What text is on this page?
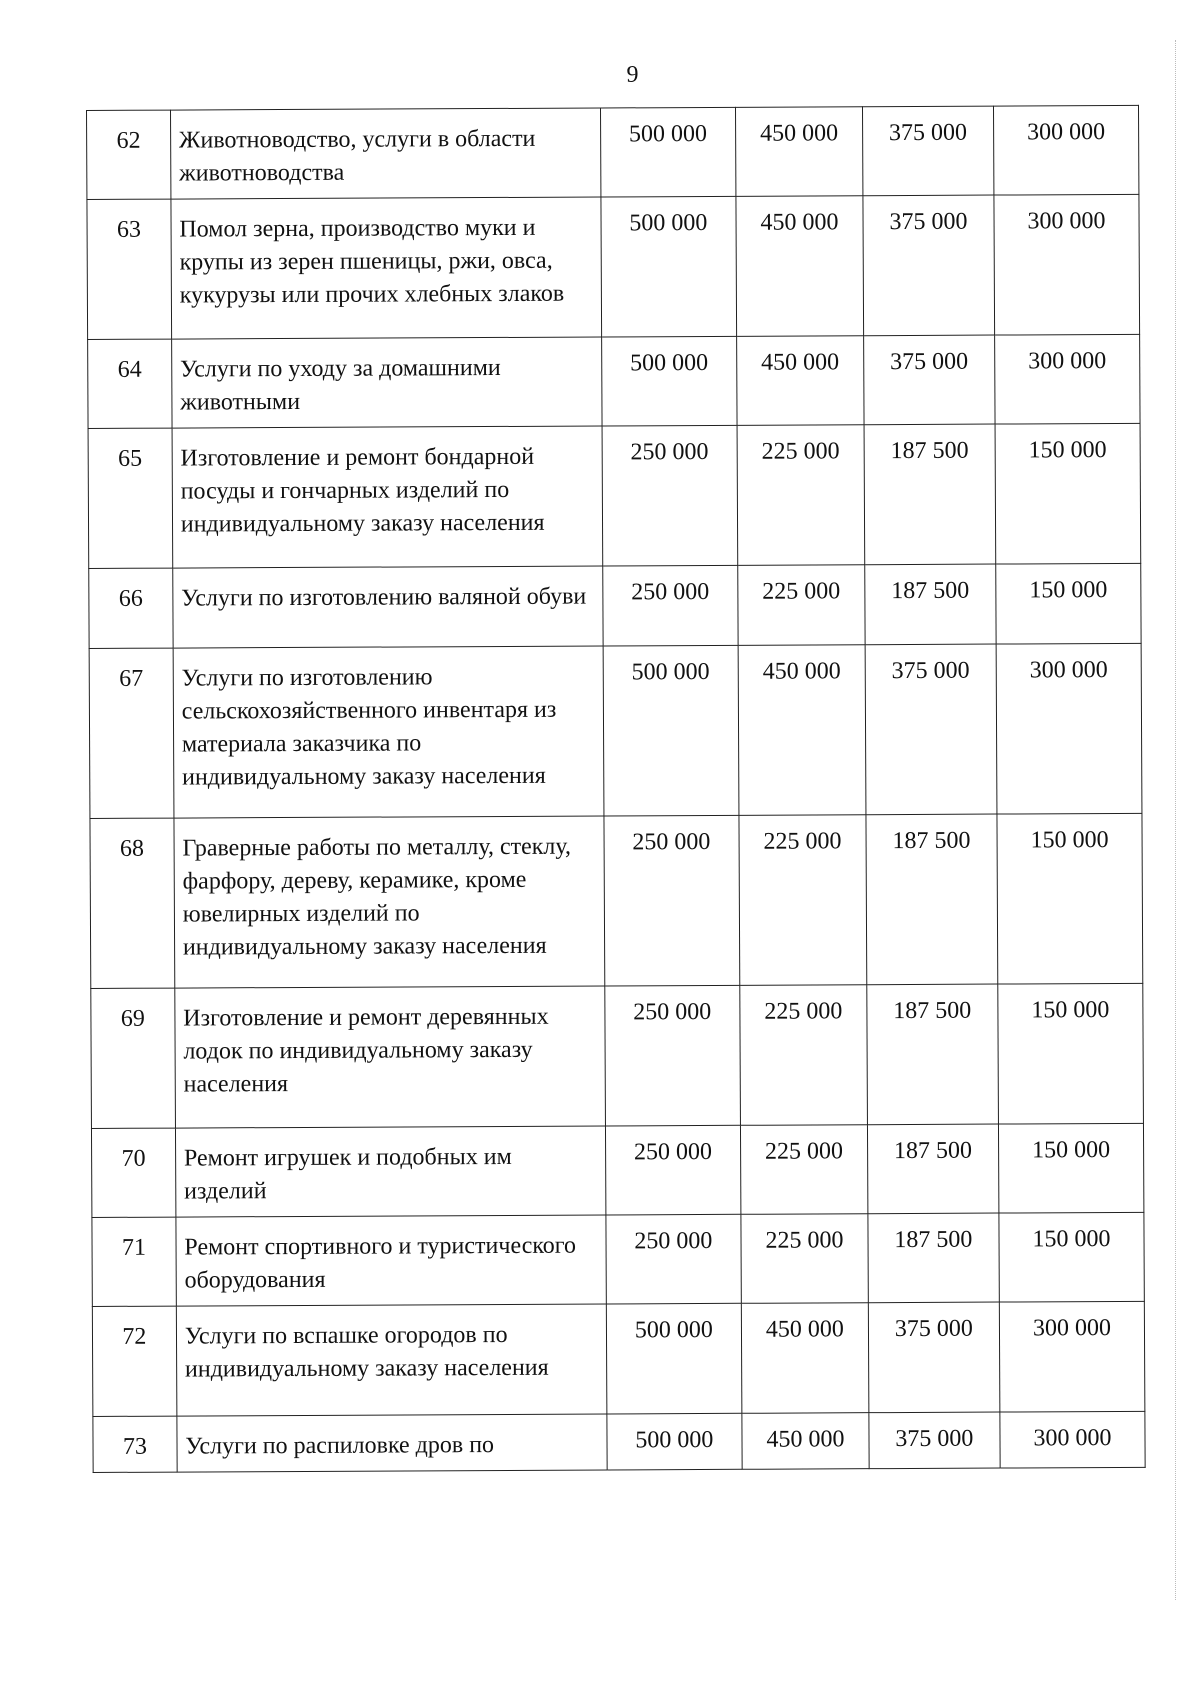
9
62	Животноводство, услуги в области животноводства	500 000	450 000	375 000	300 000
63	Помол зерна, производство муки и крупы из зерен пшеницы, ржи, овса, кукурузы или прочих хлебных злаков	500 000	450 000	375 000	300 000
64	Услуги по уходу за домашними животными	500 000	450 000	375 000	300 000
65	Изготовление и ремонт бондарной посуды и гончарных изделий по индивидуальному заказу населения	250 000	225 000	187 500	150 000
66	Услуги по изготовлению валяной обуви	250 000	225 000	187 500	150 000
67	Услуги по изготовлению сельскохозяйственного инвентаря из материала заказчика по индивидуальному заказу населения	500 000	450 000	375 000	300 000
68	Граверные работы по металлу, стеклу, фарфору, дереву, керамике, кроме ювелирных изделий по индивидуальному заказу населения	250 000	225 000	187 500	150 000
69	Изготовление и ремонт деревянных лодок по индивидуальному заказу населения	250 000	225 000	187 500	150 000
70	Ремонт игрушек и подобных им изделий	250 000	225 000	187 500	150 000
71	Ремонт спортивного и туристического оборудования	250 000	225 000	187 500	150 000
72	Услуги по вспашке огородов по индивидуальному заказу населения	500 000	450 000	375 000	300 000
73	Услуги по распиловке дров по	500 000	450 000	375 000	300 000
